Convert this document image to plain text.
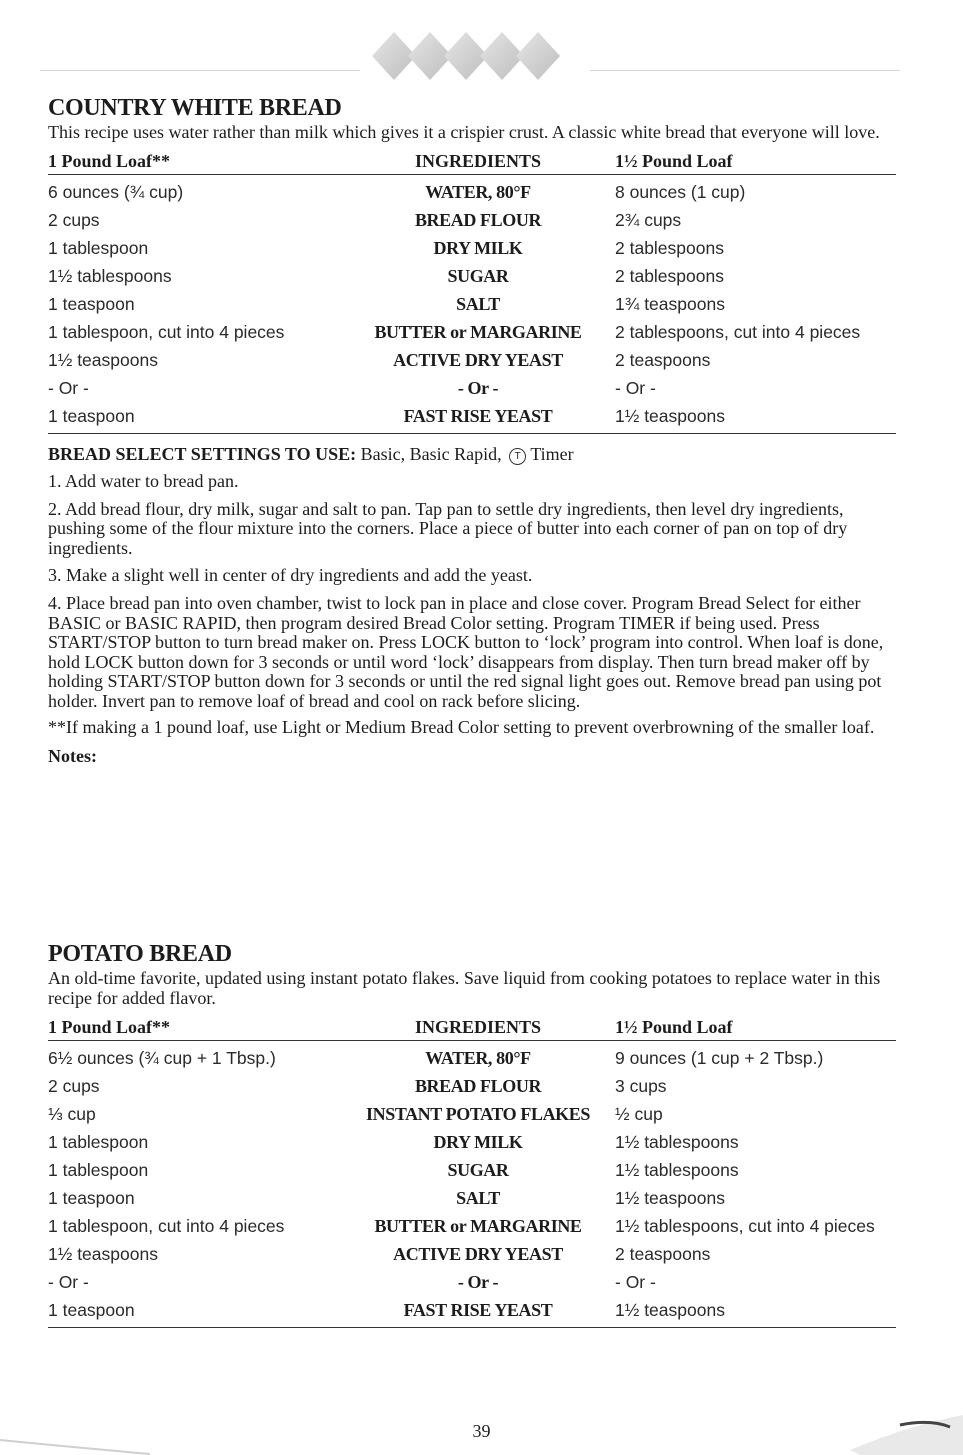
COUNTRY WHITE BREAD

This recipe uses water rather than milk which gives it a crispier crust. A classic white bread that everyone will love.

1 Pound Loaf**	INGREDIENTS	1½ Pound Loaf
6 ounces (¾ cup)	WATER, 80°F	8 ounces (1 cup)
2 cups	BREAD FLOUR	2¾ cups
1 tablespoon	DRY MILK	2 tablespoons
1½ tablespoons	SUGAR	2 tablespoons
1 teaspoon	SALT	1¾ teaspoons
1 tablespoon, cut into 4 pieces	BUTTER or MARGARINE	2 tablespoons, cut into 4 pieces
1½ teaspoons	ACTIVE DRY YEAST	2 teaspoons
- Or -	- Or -	- Or -
1 teaspoon	FAST RISE YEAST	1½ teaspoons
BREAD SELECT SETTINGS TO USE: Basic, Basic Rapid, T Timer

1. Add water to bread pan.

2. Add bread flour, dry milk, sugar and salt to pan. Tap pan to settle dry ingredients, then level dry ingredients, pushing some of the flour mixture into the corners. Place a piece of butter into each corner of pan on top of dry ingredients.

3. Make a slight well in center of dry ingredients and add the yeast.

4. Place bread pan into oven chamber, twist to lock pan in place and close cover. Program Bread Select for either BASIC or BASIC RAPID, then program desired Bread Color setting. Program TIMER if being used. Press START/STOP button to turn bread maker on. Press LOCK button to ‘lock’ program into control. When loaf is done, hold LOCK button down for 3 seconds or until word ‘lock’ disappears from display. Then turn bread maker off by holding START/STOP button down for 3 seconds or until the red signal light goes out. Remove bread pan using pot holder. Invert pan to remove loaf of bread and cool on rack before slicing.

**If making a 1 pound loaf, use Light or Medium Bread Color setting to prevent overbrowning of the smaller loaf.

Notes:
POTATO BREAD

An old-time favorite, updated using instant potato flakes. Save liquid from cooking potatoes to replace water in this recipe for added flavor.

1 Pound Loaf**	INGREDIENTS	1½ Pound Loaf
6½ ounces (¾ cup + 1 Tbsp.)	WATER, 80°F	9 ounces (1 cup + 2 Tbsp.)
2 cups	BREAD FLOUR	3 cups
⅓ cup	INSTANT POTATO FLAKES	½ cup
1 tablespoon	DRY MILK	1½ tablespoons
1 tablespoon	SUGAR	1½ tablespoons
1 teaspoon	SALT	1½ teaspoons
1 tablespoon, cut into 4 pieces	BUTTER or MARGARINE	1½ tablespoons, cut into 4 pieces
1½ teaspoons	ACTIVE DRY YEAST	2 teaspoons
- Or -	- Or -	- Or -
1 teaspoon	FAST RISE YEAST	1½ teaspoons
39
